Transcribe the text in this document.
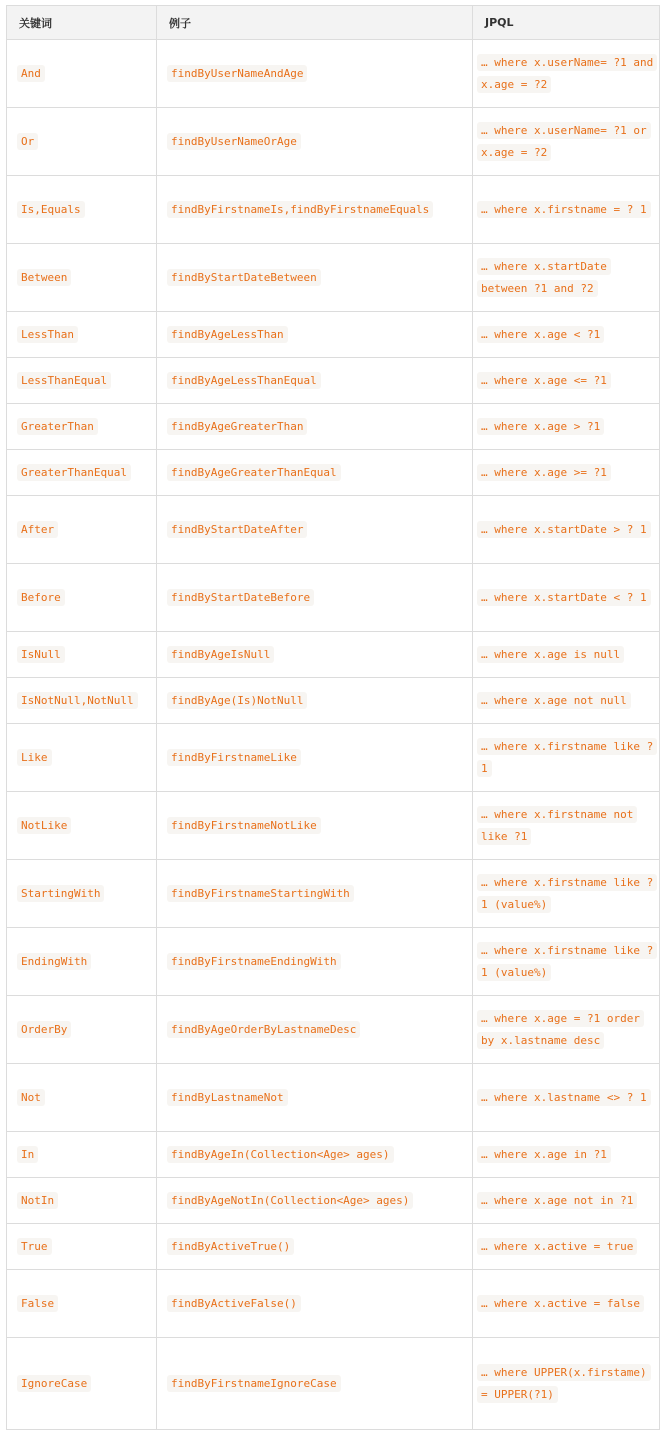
关键词	例子	JPQL
And	findByUserNameAndAge	… where x.userName= ?1 and x.age = ?2
Or	findByUserNameOrAge	… where x.userName= ?1 or x.age = ?2
Is,Equals	findByFirstnameIs,findByFirstnameEquals	… where x.firstname = ? 1
Between	findByStartDateBetween	… where x.startDate between ?1 and ?2
LessThan	findByAgeLessThan	… where x.age < ?1
LessThanEqual	findByAgeLessThanEqual	… where x.age <= ?1
GreaterThan	findByAgeGreaterThan	… where x.age > ?1
GreaterThanEqual	findByAgeGreaterThanEqual	… where x.age >= ?1
After	findByStartDateAfter	… where x.startDate > ? 1
Before	findByStartDateBefore	… where x.startDate < ? 1
IsNull	findByAgeIsNull	… where x.age is null
IsNotNull,NotNull	findByAge(Is)NotNull	… where x.age not null
Like	findByFirstnameLike	… where x.firstname like ?1
NotLike	findByFirstnameNotLike	… where x.firstname not like ?1
StartingWith	findByFirstnameStartingWith	… where x.firstname like ?1 (value%)
EndingWith	findByFirstnameEndingWith	… where x.firstname like ?1 (value%)
OrderBy	findByAgeOrderByLastnameDesc	… where x.age = ?1 order by x.lastname desc
Not	findByLastnameNot	… where x.lastname <> ? 1
In	findByAgeIn(Collection<Age> ages)	… where x.age in ?1
NotIn	findByAgeNotIn(Collection<Age> ages)	… where x.age not in ?1
True	findByActiveTrue()	… where x.active = true
False	findByActiveFalse()	… where x.active = false
IgnoreCase	findByFirstnameIgnoreCase	… where UPPER(x.firstame) = UPPER(?1)
